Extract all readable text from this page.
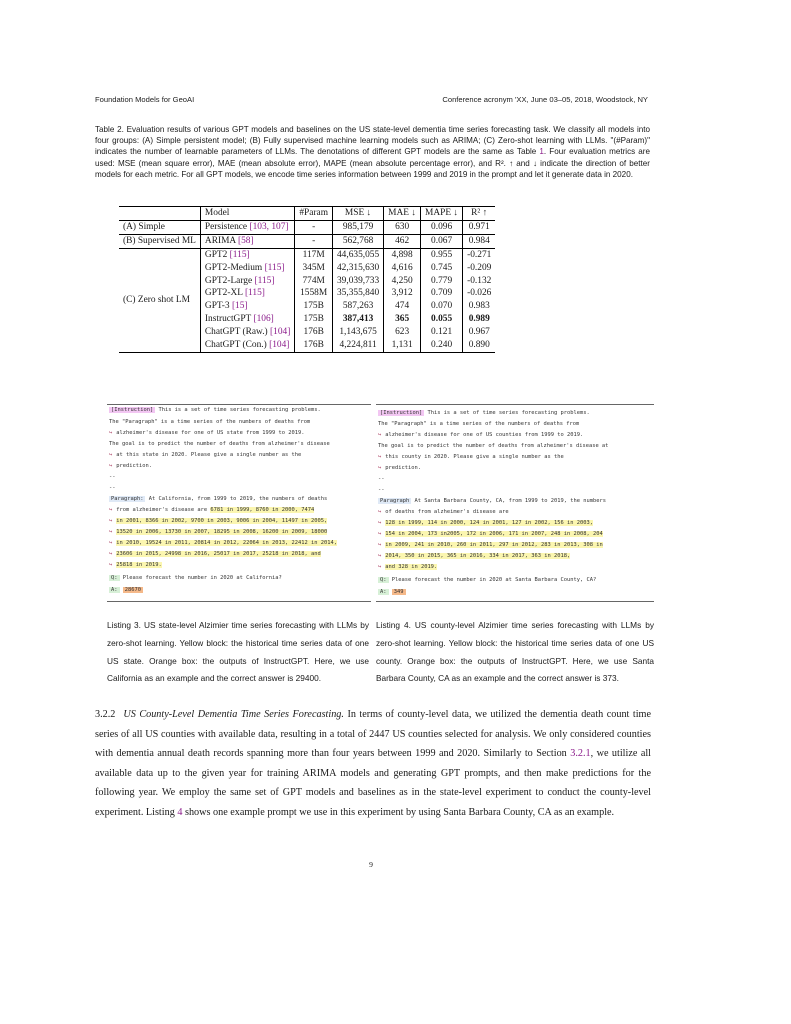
Foundation Models for GeoAI	Conference acronym 'XX, June 03–05, 2018, Woodstock, NY
Table 2. Evaluation results of various GPT models and baselines on the US state-level dementia time series forecasting task. We classify all models into four groups: (A) Simple persistent model; (B) Fully supervised machine learning models such as ARIMA; (C) Zero-shot learning with LLMs. "(#Param)" indicates the number of learnable parameters of LLMs. The denotations of different GPT models are the same as Table 1. Four evaluation metrics are used: MSE (mean square error), MAE (mean absolute error), MAPE (mean absolute percentage error), and R². ↑ and ↓ indicate the direction of better models for each metric. For all GPT models, we encode time series information between 1999 and 2019 in the prompt and let it generate data in 2020.
	Model	#Param	MSE ↓	MAE ↓	MAPE ↓	R² ↑
(A) Simple	Persistence [103, 107]	-	985,179	630	0.096	0.971
(B) Supervised ML	ARIMA [58]	-	562,768	462	0.067	0.984
(C) Zero shot LM	GPT2 [115]	117M	44,635,055	4,898	0.955	-0.271
	GPT2-Medium [115]	345M	42,315,630	4,616	0.745	-0.209
	GPT2-Large [115]	774M	39,039,733	4,250	0.779	-0.132
	GPT2-XL [115]	1558M	35,355,840	3,912	0.709	-0.026
	GPT-3 [15]	175B	587,263	474	0.070	0.983
	InstructGPT [106]	175B	387,413	365	0.055	0.989
	ChatGPT (Raw.) [104]	176B	1,143,675	623	0.121	0.967
	ChatGPT (Con.) [104]	176B	4,224,811	1,131	0.240	0.890
[Instruction] This is a set of time series forecasting problems.
The "Paragraph" is a time series of the numbers of deaths from
↪ alzheimer's disease for one of US state from 1999 to 2019.
The goal is to predict the number of deaths from alzheimer's disease
↪ at this state in 2020. Please give a single number as the
↪ prediction.
--
--
Paragraph: At California, from 1999 to 2019, the numbers of deaths
↪ from alzheimer's disease are 6781 in 1999, 8760 in 2000, 7474
↪ in 2001, 8366 in 2002, 9700 in 2003, 9006 in 2004, 11497 in 2005,
↪ 13520 in 2006, 13730 in 2007, 18295 in 2008, 16200 in 2009, 18000
↪ in 2010, 19524 in 2011, 20814 in 2012, 22064 in 2013, 22412 in 2014,
↪ 23606 in 2015, 24998 in 2016, 25017 in 2017, 25218 in 2018, and
↪ 25818 in 2019.
Q: Please forecast the number in 2020 at California?
A: 28670
[Instruction] This is a set of time series forecasting problems.
The "Paragraph" is a time series of the numbers of deaths from
↪ alzheimer's disease for one of US counties from 1999 to 2019.
The goal is to predict the number of deaths from alzheimer's disease at
↪ this county in 2020. Please give a single number as the
↪ prediction.
--
--
Paragraph At Santa Barbara County, CA, from 1999 to 2019, the numbers
↪ of deaths from alzheimer's disease are
↪ 128 in 1999, 114 in 2000, 124 in 2001, 127 in 2002, 156 in 2003,
↪ 154 in 2004, 173 in2005, 172 in 2006, 171 in 2007, 248 in 2008, 204
↪ in 2009, 241 in 2010, 260 in 2011, 297 in 2012, 283 in 2013, 308 in
↪ 2014, 350 in 2015, 365 in 2016, 334 in 2017, 363 in 2018,
↪ and 328 in 2019.
Q: Please forecast the number in 2020 at Santa Barbara County, CA?
A: 349
Listing 3. US state-level Alzimier time series forecasting with LLMs by zero-shot learning. Yellow block: the historical time series data of one US state. Orange box: the outputs of InstructGPT. Here, we use California as an example and the correct answer is 29400.
Listing 4. US county-level Alzimier time series forecasting with LLMs by zero-shot learning. Yellow block: the historical time series data of one US county. Orange box: the outputs of InstructGPT. Here, we use Santa Barbara County, CA as an example and the correct answer is 373.
3.2.2 US County-Level Dementia Time Series Forecasting. In terms of county-level data, we utilized the dementia death count time series of all US counties with available data, resulting in a total of 2447 US counties selected for analysis. We only considered counties with dementia annual death records spanning more than four years between 1999 and 2020. Similarly to Section 3.2.1, we utilize all available data up to the given year for training ARIMA models and generating GPT prompts, and then make predictions for the following year. We employ the same set of GPT models and baselines as in the state-level experiment to conduct the county-level experiment. Listing 4 shows one example prompt we use in this experiment by using Santa Barbara County, CA as an example.
9
